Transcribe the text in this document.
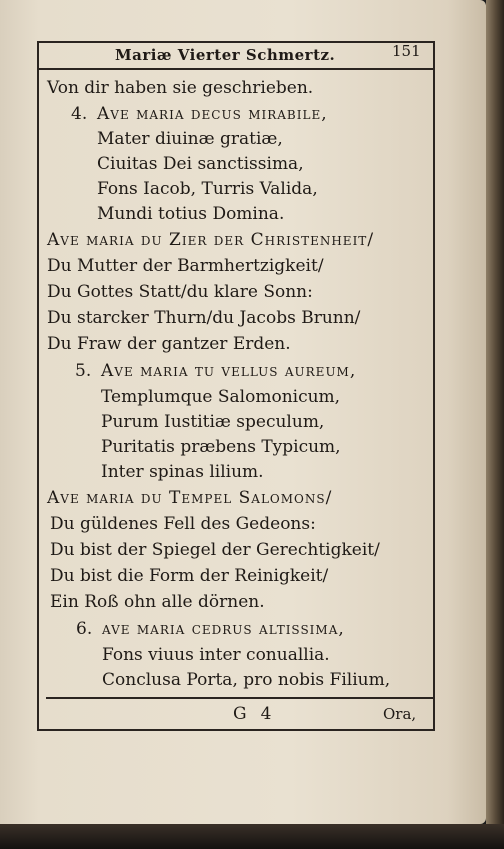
Mariæ Vierter Schmertz.	151
Von dir haben sie geschrieben.
4. Ave maria decus mirabile,
Mater diuinæ gratiæ,
Ciuitas Dei sanctissima,
Fons Iacob, Turris Valida,
Mundi totius Domina.
Ave maria du Zier der Christenheit/
Du Mutter der Barmhertzigkeit/
Du Gottes Statt/du klare Sonn:
Du starcker Thurn/du Jacobs Brunn/
Du Fraw der gantzer Erden.
5. Ave maria tu vellus aureum,
Templumque Salomonicum,
Purum Iustitiæ speculum,
Puritatis præbens Typicum,
Inter spinas lilium.
Ave maria du Tempel Salomons/
Du güldenes Fell des Gedeons:
Du bist der Spiegel der Gerechtigkeit/
Du bist die Form der Reinigkeit/
Ein Roß ohn alle dörnen.
6. ave maria cedrus altissima,
Fons viuus inter conuallia.
Conclusa Porta, pro nobis Filium,
G 4	Ora,
